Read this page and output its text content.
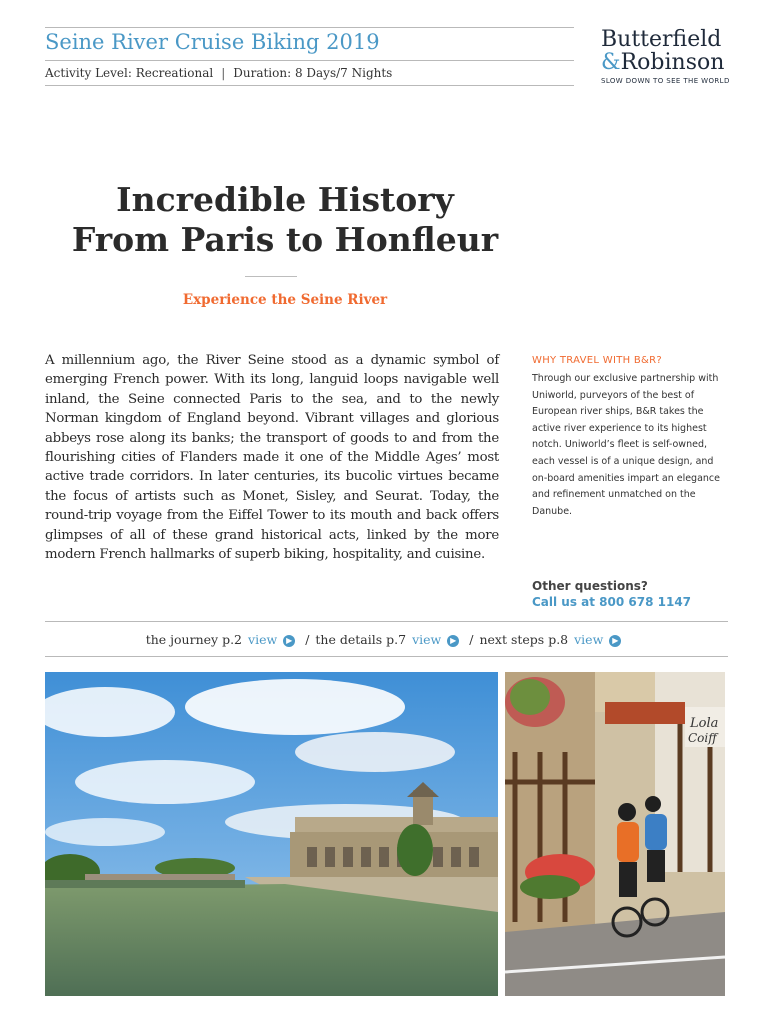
Seine River Cruise Biking 2019
Activity Level: Recreational | Duration: 8 Days/7 Nights
Butterfield
&Robinson
SLOW DOWN TO SEE THE WORLD
Incredible History
From Paris to Honfleur
Experience the Seine River
A millennium ago, the River Seine stood as a dynamic symbol of emerging French power. With its long, languid loops navigable well inland, the Seine connected Paris to the sea, and to the newly Norman kingdom of England beyond. Vibrant villages and glorious abbeys rose along its banks; the transport of goods to and from the flourishing cities of Flanders made it one of the Middle Ages’ most active trade corridors. In later centuries, its bucolic virtues became the focus of artists such as Monet, Sisley, and Seurat. Today, the round-trip voyage from the Eiffel Tower to its mouth and back offers glimpses of all of these grand historical acts, linked by the more modern French hallmarks of superb biking, hospitality, and cuisine.
WHY TRAVEL WITH B&R?
Through our exclusive partnership with Uniworld, purveyors of the best of European river ships, B&R takes the active river experience to its highest notch. Uniworld’s fleet is self-owned, each vessel is of a unique design, and on-board amenities impart an elegance and refinement unmatched on the Danube.
Other questions?
Call us at 800 678 1147
the journey p.2 view ▶ / the details p.7 view ▶ / next steps p.8 view ▶
Lola
Coiff
